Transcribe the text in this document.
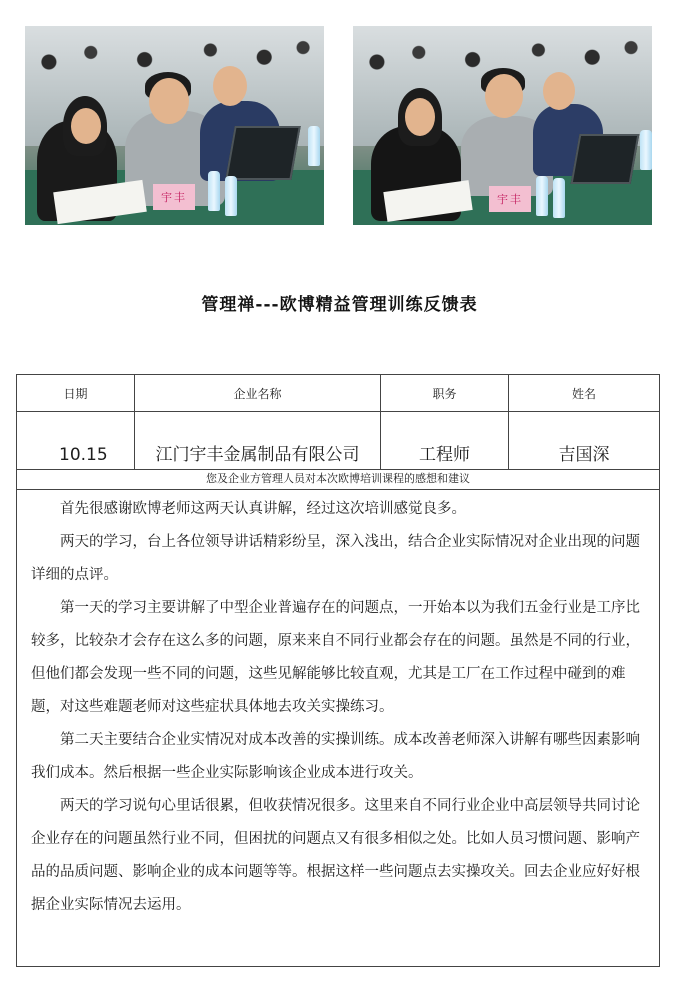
宇丰	宇丰
管理禅---欧博精益管理训练反馈表
日期	企业名称	职务	姓名
10.15	江门宇丰金属制品有限公司	工程师	吉国深
您及企业方管理人员对本次欧博培训课程的感想和建议

首先很感谢欧博老师这两天认真讲解，经过这次培训感觉良多。

两天的学习，台上各位领导讲话精彩纷呈，深入浅出，结合企业实际情况对企业出现的问题详细的点评。

第一天的学习主要讲解了中型企业普遍存在的问题点，一开始本以为我们五金行业是工序比较多，比较杂才会存在这么多的问题，原来来自不同行业都会存在的问题。虽然是不同的行业，但他们都会发现一些不同的问题，这些见解能够比较直观，尤其是工厂在工作过程中碰到的难题，对这些难题老师对这些症状具体地去攻关实操练习。

第二天主要结合企业实情况对成本改善的实操训练。成本改善老师深入讲解有哪些因素影响我们成本。然后根据一些企业实际影响该企业成本进行攻关。

两天的学习说句心里话很累，但收获情况很多。这里来自不同行业企业中高层领导共同讨论企业存在的问题虽然行业不同，但困扰的问题点又有很多相似之处。比如人员习惯问题、影响产品的品质问题、影响企业的成本问题等等。根据这样一些问题点去实操攻关。回去企业应好好根据企业实际情况去运用。
